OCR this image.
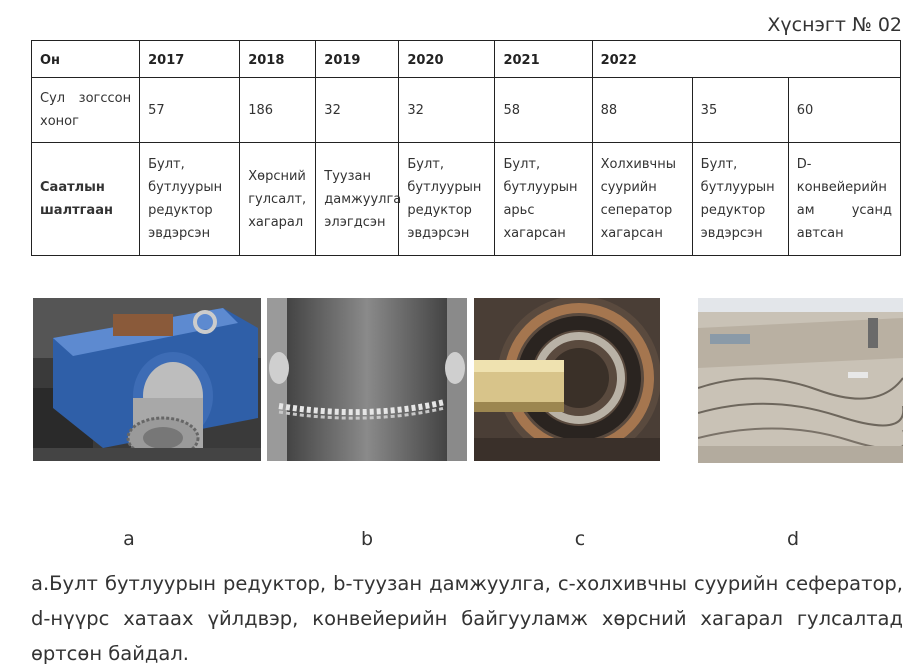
Хүснэгт № 02
Он	2017	2018	2019	2020	2021	2022		
Сул зогссон хоног	57	186	32	32	58	88	35	60
Саатлын шалтгаан	Булт, бутлуурын редуктор эвдэрсэн	Хөрсний гулсалт, хагарал	Туузан дамжуулга элэгдсэн	Булт, бутлуурын редуктор эвдэрсэн	Булт, бутлуурын арьс хагарсан	Холхивчны суурийн сеператор хагарсан	Булт, бутлуурын редуктор эвдэрсэн	D- конвейерийн ам усанд автсан
a	b	c	d
a.Булт бутлуурын редуктор, b-туузан дамжуулга, c-холхивчны суурийн сеферaтор, d-нүүрс хатаах үйлдвэр, конвейерийн байгууламж хөрсний хагарал гулсалтад өртсөн байдал.
